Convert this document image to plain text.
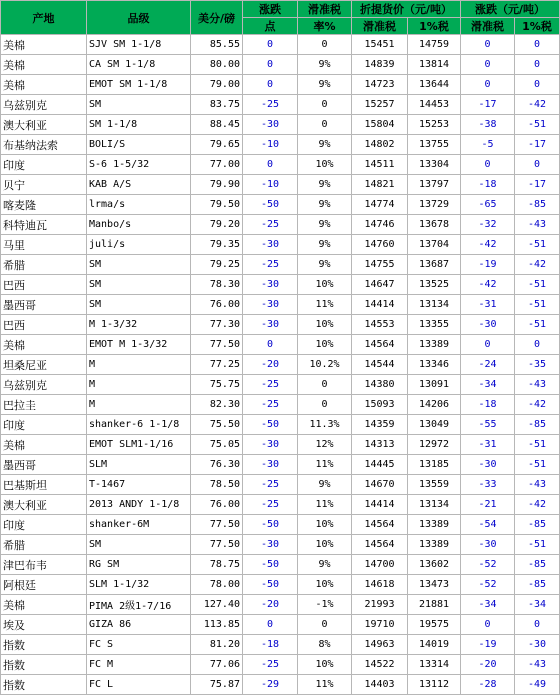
产地	品级	美分/磅	涨跌	滑准税	折提货价（元/吨）		涨跌（元/吨）	
			点	率%	滑准税	1%税	滑准税	1%税
美棉	SJV SM 1-1/8	85.55	0	0	15451	14759	0	0
美棉	CA SM 1-1/8	80.00	0	9%	14839	13814	0	0
美棉	EMOT SM 1-1/8	79.00	0	9%	14723	13644	0	0
乌兹别克	SM	83.75	-25	0	15257	14453	-17	-42
澳大利亚	SM 1-1/8	88.45	-30	0	15804	15253	-38	-51
布基纳法索	BOLI/S	79.65	-10	9%	14802	13755	-5	-17
印度	S-6 1-5/32	77.00	0	10%	14511	13304	0	0
贝宁	KAB A/S	79.90	-10	9%	14821	13797	-18	-17
喀麦隆	lrma/s	79.50	-50	9%	14774	13729	-65	-85
科特迪瓦	Manbo/s	79.20	-25	9%	14746	13678	-32	-43
马里	juli/s	79.35	-30	9%	14760	13704	-42	-51
希腊	SM	79.25	-25	9%	14755	13687	-19	-42
巴西	SM	78.30	-30	10%	14647	13525	-42	-51
墨西哥	SM	76.00	-30	11%	14414	13134	-31	-51
巴西	M 1-3/32	77.30	-30	10%	14553	13355	-30	-51
美棉	EMOT M 1-3/32	77.50	0	10%	14564	13389	0	0
坦桑尼亚	M	77.25	-20	10.2%	14544	13346	-24	-35
乌兹别克	M	75.75	-25	0	14380	13091	-34	-43
巴拉圭	M	82.30	-25	0	15093	14206	-18	-42
印度	shanker-6 1-1/8	75.50	-50	11.3%	14359	13049	-55	-85
美棉	EMOT SLM1-1/16	75.05	-30	12%	14313	12972	-31	-51
墨西哥	SLM	76.30	-30	11%	14445	13185	-30	-51
巴基斯坦	T-1467	78.50	-25	9%	14670	13559	-33	-43
澳大利亚	2013 ANDY 1-1/8	76.00	-25	11%	14414	13134	-21	-42
印度	shanker-6M	77.50	-50	10%	14564	13389	-54	-85
希腊	SM	77.50	-30	10%	14564	13389	-30	-51
津巴布韦	RG SM	78.75	-50	9%	14700	13602	-52	-85
阿根廷	SLM 1-1/32	78.00	-50	10%	14618	13473	-52	-85
美棉	PIMA 2级1-7/16	127.40	-20	-1%	21993	21881	-34	-34
埃及	GIZA 86	113.85	0	0	19710	19575	0	0
指数	FC S	81.20	-18	8%	14963	14019	-19	-30
指数	FC M	77.06	-25	10%	14522	13314	-20	-43
指数	FC L	75.87	-29	11%	14403	13112	-28	-49
